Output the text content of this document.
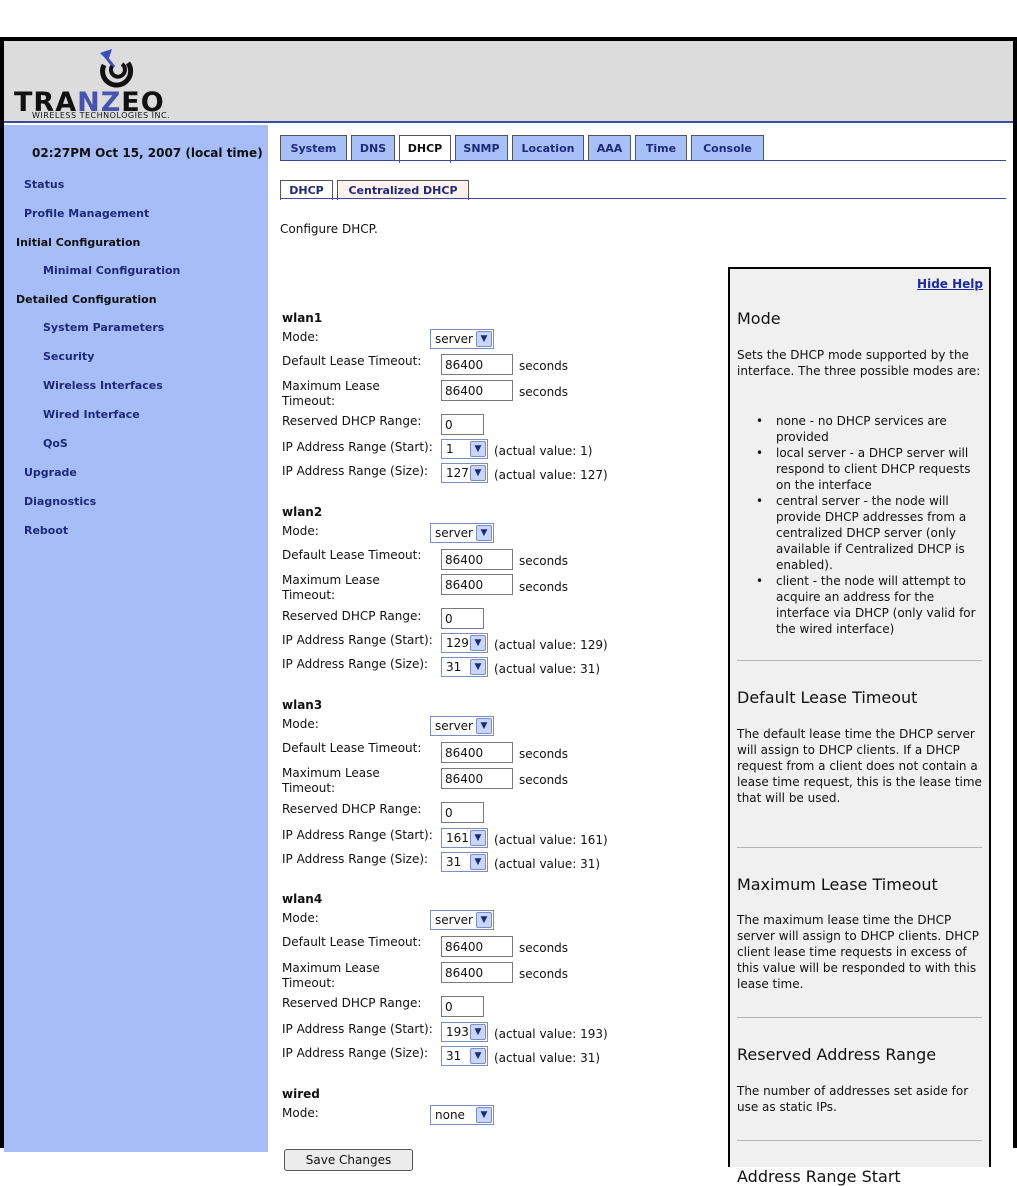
TRANZEO
WIRELESS TECHNOLOGIES INC.
02:27PM Oct 15, 2007 (local time)
Status
Profile Management
Initial Configuration
Minimal Configuration
Detailed Configuration
System Parameters
Security
Wireless Interfaces
Wired Interface
QoS
Upgrade
Diagnostics
Reboot
System	DNS	DHCP	SNMP	Location	AAA	Time	Console
DHCP	Centralized DHCP
Configure DHCP.
wlan1
Mode:	server ▼
Default Lease Timeout:	86400	seconds
Maximum Lease
Timeout:
86400	seconds
Reserved DHCP Range:	0
IP Address Range (Start):	1	▼	(actual value: 1)
IP Address Range (Size):	127 ▼	(actual value: 127)
wlan2
Mode:	server ▼
Default Lease Timeout:	86400	seconds
Maximum Lease
Timeout:
86400	seconds
Reserved DHCP Range:	0
IP Address Range (Start):	129 ▼	(actual value: 129)
IP Address Range (Size):	31	▼	(actual value: 31)
wlan3
Mode:	server ▼
Default Lease Timeout:	86400	seconds
Maximum Lease
Timeout:
86400	seconds
Reserved DHCP Range:	0
IP Address Range (Start):	161 ▼	(actual value: 161)
IP Address Range (Size):	31	▼	(actual value: 31)
wlan4
Mode:	server ▼
Default Lease Timeout:	86400	seconds
Maximum Lease
Timeout:
86400	seconds
Reserved DHCP Range:	0
IP Address Range (Start):	193 ▼	(actual value: 193)
IP Address Range (Size):	31	▼	(actual value: 31)
wired
Mode:	none	▼
Save Changes
Hide Help
Mode
Sets the DHCP mode supported by the interface. The three possible modes are:
• none - no DHCP services are provided
• local server - a DHCP server will respond to client DHCP requests on the interface
• central server - the node will provide DHCP addresses from a centralized DHCP server (only available if Centralized DHCP is enabled).
• client - the node will attempt to acquire an address for the interface via DHCP (only valid for the wired interface)
Default Lease Timeout
The default lease time the DHCP server will assign to DHCP clients. If a DHCP request from a client does not contain a lease time request, this is the lease time that will be used.
Maximum Lease Timeout
The maximum lease time the DHCP server will assign to DHCP clients. DHCP client lease time requests in excess of this value will be responded to with this lease time.
Reserved Address Range
The number of addresses set aside for use as static IPs.
Address Range Start
